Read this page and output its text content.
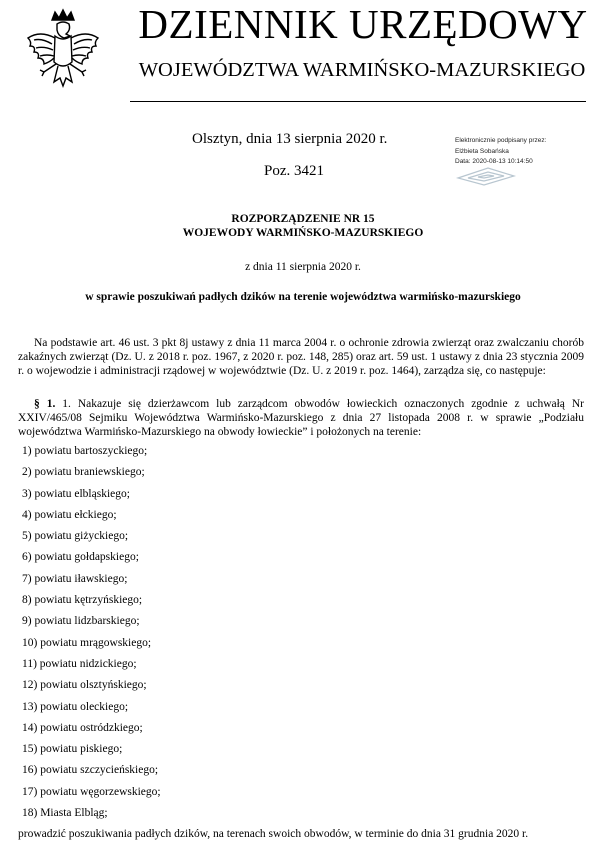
DZIENNIK URZĘDOWY
WOJEWÓDZTWA WARMIŃSKO-MAZURSKIEGO
Olsztyn, dnia 13 sierpnia 2020 r.
Poz. 3421
Elektronicznie podpisany przez:
Elżbieta Sobańska
Data: 2020-08-13 10:14:50
ROZPORZĄDZENIE NR 15
WOJEWODY WARMIŃSKO-MAZURSKIEGO
z dnia 11 sierpnia 2020 r.
w sprawie poszukiwań padłych dzików na terenie województwa warmińsko-mazurskiego
Na podstawie art. 46 ust. 3 pkt 8j ustawy z dnia 11 marca 2004 r. o ochronie zdrowia zwierząt oraz zwalczaniu chorób zakaźnych zwierząt (Dz. U. z 2018 r. poz. 1967, z 2020 r. poz. 148, 285) oraz art. 59 ust. 1 ustawy z dnia 23 stycznia 2009 r. o wojewodzie i administracji rządowej w województwie (Dz. U. z 2019 r. poz. 1464), zarządza się, co następuje:
§ 1. 1. Nakazuje się dzierżawcom lub zarządcom obwodów łowieckich oznaczonych zgodnie z uchwałą Nr XXIV/465/08 Sejmiku Województwa Warmińsko-Mazurskiego z dnia 27 listopada 2008 r. w sprawie „Podziału województwa Warmińsko-Mazurskiego na obwody łowieckie” i położonych na terenie:
1) powiatu bartoszyckiego;
2) powiatu braniewskiego;
3) powiatu elbląskiego;
4) powiatu ełckiego;
5) powiatu giżyckiego;
6) powiatu gołdapskiego;
7) powiatu iławskiego;
8) powiatu kętrzyńskiego;
9) powiatu lidzbarskiego;
10) powiatu mrągowskiego;
11) powiatu nidzickiego;
12) powiatu olsztyńskiego;
13) powiatu oleckiego;
14) powiatu ostródzkiego;
15) powiatu piskiego;
16) powiatu szczycieńskiego;
17) powiatu węgorzewskiego;
18) Miasta Elbląg;
prowadzić poszukiwania padłych dzików, na terenach swoich obwodów, w terminie do dnia 31 grudnia 2020 r.
